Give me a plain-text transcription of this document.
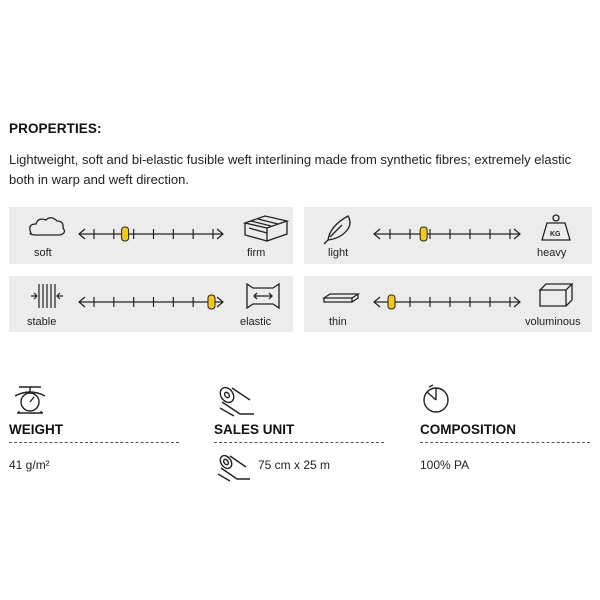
PROPERTIES:
Lightweight, soft and bi-elastic fusible weft interlining made from synthetic fibres; extremely elastic both in warp and weft direction.
soft	firm
KG
light	heavy
stable	elastic	thin	voluminous
WEIGHT
41 g/m²
SALES UNIT
75 cm x 25 m
COMPOSITION
100% PA
